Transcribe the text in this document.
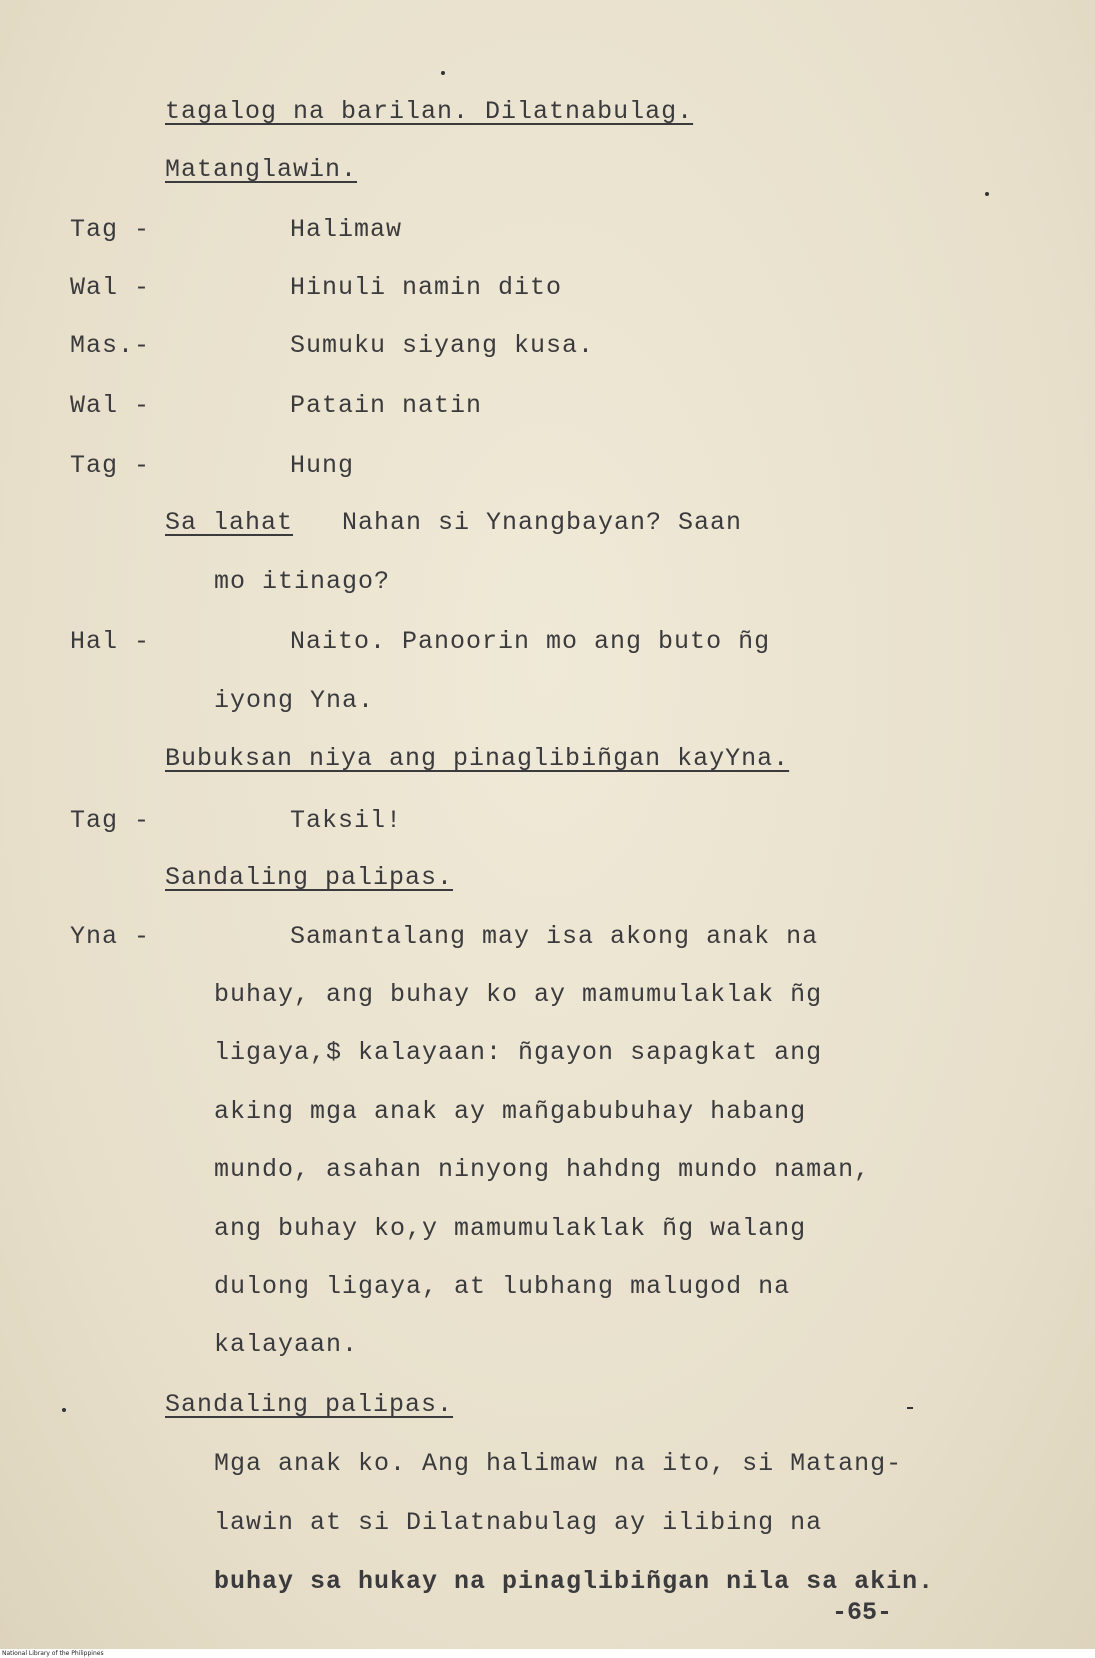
tagalog na barilan. Dilatnabulag.
Matanglawin.
Tag -	Halimaw
Wal -	Hinuli namin dito
Mas.-	Sumuku siyang kusa.
Wal -	Patain natin
Tag -	Hung
Sa lahat Nahan si Ynangbayan? Saan
mo itinago?
Hal -	Naito. Panoorin mo ang buto ñg
iyong Yna.
Bubuksan niya ang pinaglibiñgan kayYna.
Tag -	Taksil!
Sandaling palipas.
Yna -	Samantalang may isa akong anak na
buhay, ang buhay ko ay mamumulaklak ñg
ligaya,$ kalayaan: ñgayon sapagkat ang
aking mga anak ay mañgabubuhay habang
mundo, asahan ninyong hahdng mundo naman,
ang buhay ko,y mamumulaklak ñg walang
dulong ligaya, at lubhang malugod na
kalayaan.
Sandaling palipas.
Mga anak ko. Ang halimaw na ito, si Matang-
lawin at si Dilatnabulag ay ilibing na
buhay sa hukay na pinaglibiñgan nila sa akin.
-65-
National Library of the Philippines
